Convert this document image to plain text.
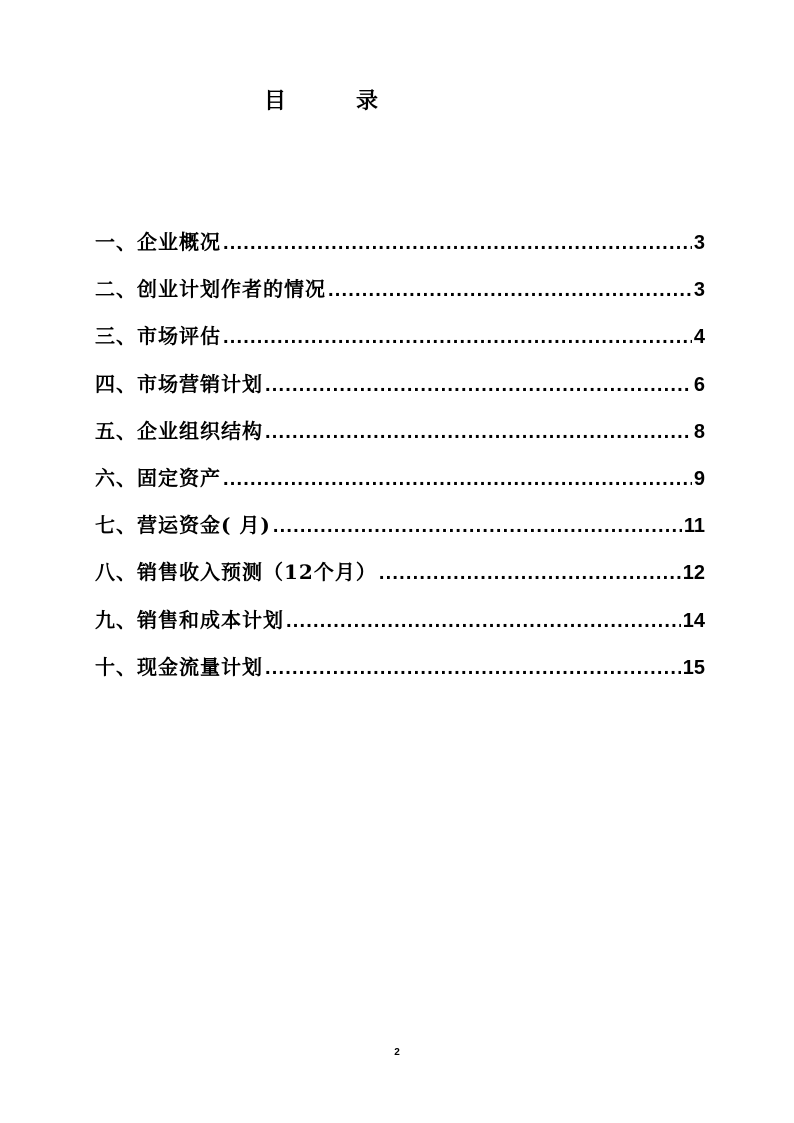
目　录
一、企业概况 .....	3
二、创业计划作者的情况 .....	3
三、市场评估 .....	4
四、市场营销计划 .....	6
五、企业组织结构 .....	8
六、固定资产 .....	9
七、营运资金( 月) .....	11
八、销售收入预测（12个月） .....	12
九、销售和成本计划 .....	14
十、现金流量计划 .....	15
2
